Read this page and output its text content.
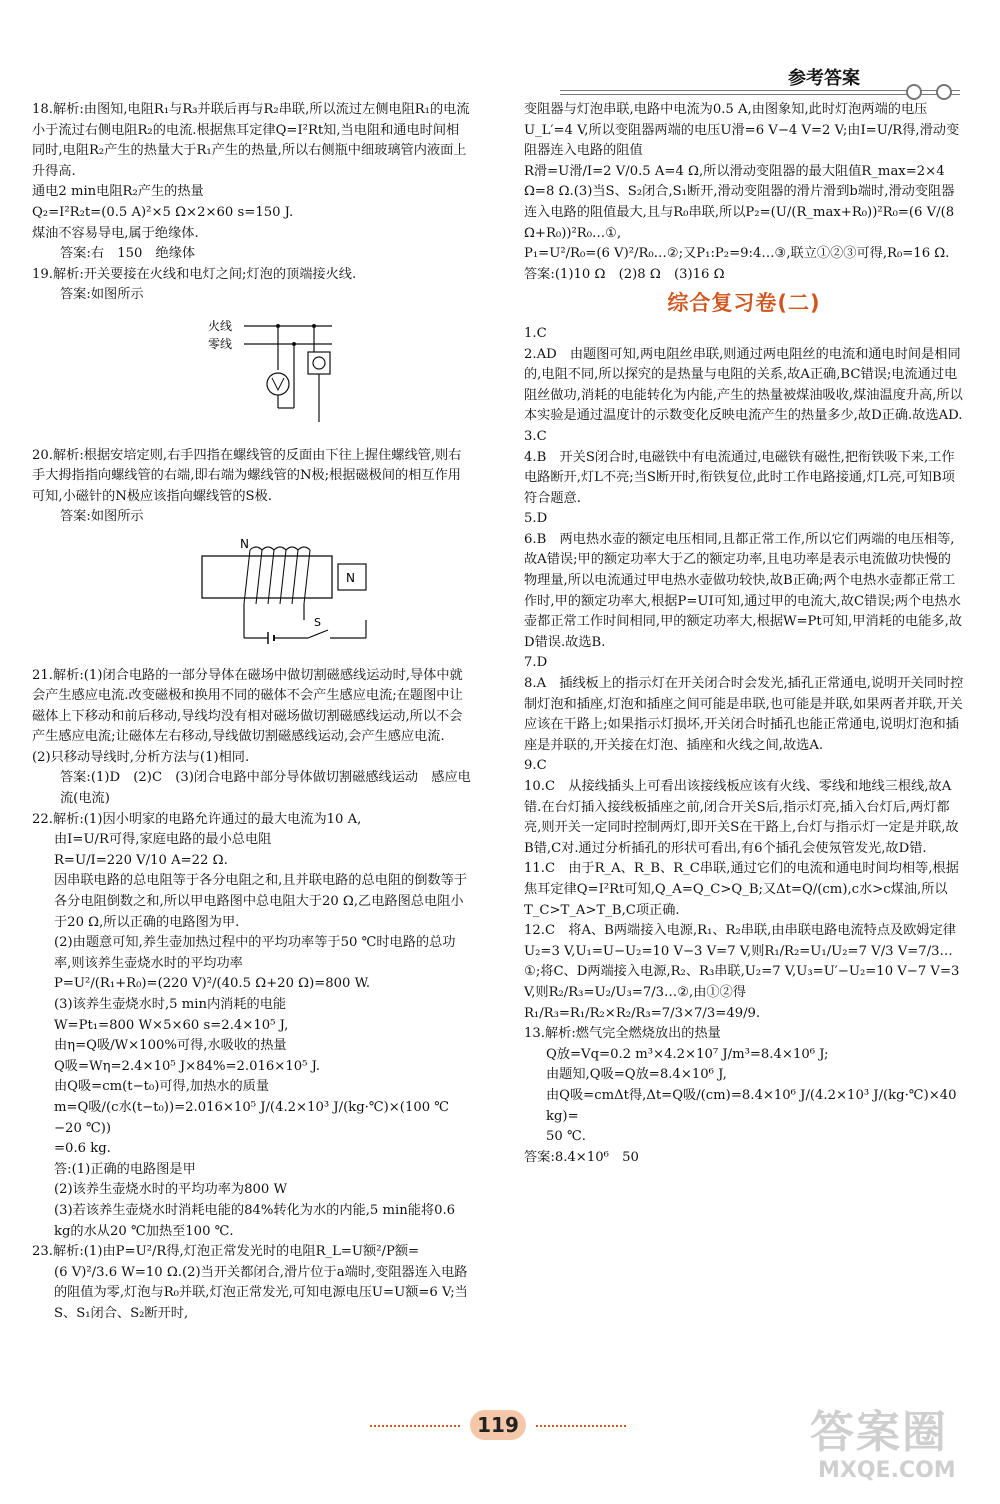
参考答案

18.解析:由图知,电阻R₁与R₃并联后再与R₂串联,所以流过左侧电阻R₁的电流小于流过右侧电阻R₂的电流.根据焦耳定律Q=I²Rt知,当电阻和通电时间相同时,电阻R₂产生的热量大于R₁产生的热量,所以右侧瓶中细玻璃管内液面上升得高.

通电2 min电阻R₂产生的热量

Q₂=I²R₂t=(0.5 A)²×5 Ω×2×60 s=150 J.

煤油不容易导电,属于绝缘体.

答案:右　150　绝缘体

19.解析:开关要接在火线和电灯之间;灯泡的顶端接火线.

答案:如图所示

火线
零线

20.解析:根据安培定则,右手四指在螺线管的反面由下往上握住螺线管,则右手大拇指指向螺线管的右端,即右端为螺线管的N极;根据磁极间的相互作用可知,小磁针的N极应该指向螺线管的S极.

答案:如图所示

N
N
S

21.解析:(1)闭合电路的一部分导体在磁场中做切割磁感线运动时,导体中就会产生感应电流.改变磁极和换用不同的磁体不会产生感应电流;在题图中让磁体上下移动和前后移动,导线均没有相对磁场做切割磁感线运动,所以不会产生感应电流;让磁体左右移动,导线做切割磁感线运动,会产生感应电流.

(2)只移动导线时,分析方法与(1)相同.

答案:(1)D　(2)C　(3)闭合电路中部分导体做切割磁感线运动　感应电流(电流)

22.解析:(1)因小明家的电路允许通过的最大电流为10 A,

由I=U/R可得,家庭电路的最小总电阻

R=U/I=220 V/10 A=22 Ω.

因串联电路的总电阻等于各分电阻之和,且并联电路的总电阻的倒数等于各分电阻倒数之和,所以甲电路图中总电阻大于20 Ω,乙电路图总电阻小于20 Ω,所以正确的电路图为甲.

(2)由题意可知,养生壶加热过程中的平均功率等于50 ℃时电路的总功率,则该养生壶烧水时的平均功率

P=U²/(R₁+R₀)=(220 V)²/(40.5 Ω+20 Ω)=800 W.

(3)该养生壶烧水时,5 min内消耗的电能

W=Pt₁=800 W×5×60 s=2.4×10⁵ J,

由η=Q吸/W×100%可得,水吸收的热量

Q吸=Wη=2.4×10⁵ J×84%=2.016×10⁵ J.

由Q吸=cm(t−t₀)可得,加热水的质量

m=Q吸/(c水(t−t₀))=2.016×10⁵ J/(4.2×10³ J/(kg·℃)×(100 ℃−20 ℃))

=0.6 kg.

答:(1)正确的电路图是甲

(2)该养生壶烧水时的平均功率为800 W

(3)若该养生壶烧水时消耗电能的84%转化为水的内能,5 min能将0.6 kg的水从20 ℃加热至100 ℃.

23.解析:(1)由P=U²/R得,灯泡正常发光时的电阻R_L=U额²/P额=

(6 V)²/3.6 W=10 Ω.(2)当开关都闭合,滑片位于a端时,变阻器连入电路的阻值为零,灯泡与R₀并联,灯泡正常发光,可知电源电压U=U额=6 V;当S、S₁闭合、S₂断开时,

变阻器与灯泡串联,电路中电流为0.5 A,由图象知,此时灯泡两端的电压U_L′=4 V,所以变阻器两端的电压U滑=6 V−4 V=2 V;由I=U/R得,滑动变阻器连入电路的阻值

R滑=U滑/I=2 V/0.5 A=4 Ω,所以滑动变阻器的最大阻值R_max=2×4 Ω=8 Ω.(3)当S、S₂闭合,S₁断开,滑动变阻器的滑片滑到b端时,滑动变阻器连入电路的阻值最大,且与R₀串联,所以P₂=(U/(R_max+R₀))²R₀=(6 V/(8 Ω+R₀))²R₀…①,

P₁=U²/R₀=(6 V)²/R₀…②;又P₁:P₂=9:4…③,联立①②③可得,R₀=16 Ω.

答案:(1)10 Ω　(2)8 Ω　(3)16 Ω

综合复习卷(二)

1.C

2.AD　由题图可知,两电阻丝串联,则通过两电阻丝的电流和通电时间是相同的,电阻不同,所以探究的是热量与电阻的关系,故A正确,BC错误;电流通过电阻丝做功,消耗的电能转化为内能,产生的热量被煤油吸收,煤油温度升高,所以本实验是通过温度计的示数变化反映电流产生的热量多少,故D正确.故选AD.

3.C

4.B　开关S闭合时,电磁铁中有电流通过,电磁铁有磁性,把衔铁吸下来,工作电路断开,灯L不亮;当S断开时,衔铁复位,此时工作电路接通,灯L亮,可知B项符合题意.

5.D

6.B　两电热水壶的额定电压相同,且都正常工作,所以它们两端的电压相等,故A错误;甲的额定功率大于乙的额定功率,且电功率是表示电流做功快慢的物理量,所以电流通过甲电热水壶做功较快,故B正确;两个电热水壶都正常工作时,甲的额定功率大,根据P=UI可知,通过甲的电流大,故C错误;两个电热水壶都正常工作时间相同,甲的额定功率大,根据W=Pt可知,甲消耗的电能多,故D错误.故选B.

7.D

8.A　插线板上的指示灯在开关闭合时会发光,插孔正常通电,说明开关同时控制灯泡和插座,灯泡和插座之间可能是串联,也可能是并联,如果两者并联,开关应该在干路上;如果指示灯损坏,开关闭合时插孔也能正常通电,说明灯泡和插座是并联的,开关接在灯泡、插座和火线之间,故选A.

9.C

10.C　从接线插头上可看出该接线板应该有火线、零线和地线三根线,故A错.在台灯插入接线板插座之前,闭合开关S后,指示灯亮,插入台灯后,两灯都亮,则开关一定同时控制两灯,即开关S在干路上,台灯与指示灯一定是并联,故B错,C对.通过分析插孔的形状可看出,有6个插孔会使氖管发光,故D错.

11.C　由于R_A、R_B、R_C串联,通过它们的电流和通电时间均相等,根据焦耳定律Q=I²Rt可知,Q_A=Q_C>Q_B;又Δt=Q/(cm),c水>c煤油,所以T_C>T_A>T_B,C项正确.

12.C　将A、B两端接入电源,R₁、R₂串联,由串联电路电流特点及欧姆定律U₂=3 V,U₁=U−U₂=10 V−3 V=7 V,则R₁/R₂=U₁/U₂=7 V/3 V=7/3…①;将C、D两端接入电源,R₂、R₃串联,U₂=7 V,U₃=U′−U₂=10 V−7 V=3 V,则R₂/R₃=U₂/U₃=7/3…②,由①②得R₁/R₃=R₁/R₂×R₂/R₃=7/3×7/3=49/9.

13.解析:燃气完全燃烧放出的热量

Q放=Vq=0.2 m³×4.2×10⁷ J/m³=8.4×10⁶ J;

由题知,Q吸=Q放=8.4×10⁶ J,

由Q吸=cmΔt得,Δt=Q吸/(cm)=8.4×10⁶ J/(4.2×10³ J/(kg·℃)×40 kg)=

50 ℃.

答案:8.4×10⁶　50

119	答案圈
MXQE.COM
